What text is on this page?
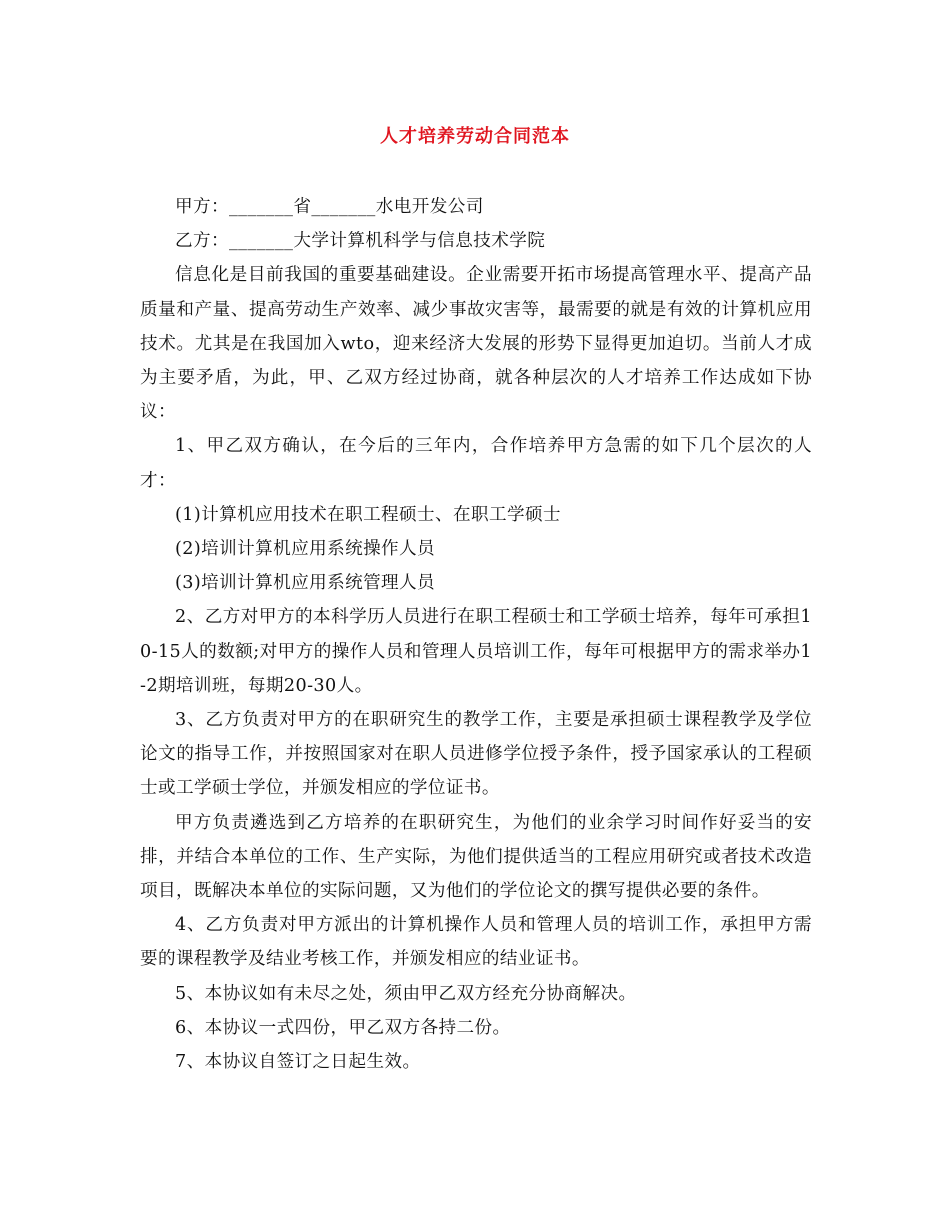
人才培养劳动合同范本

甲方：_______省_______水电开发公司

乙方：_______大学计算机科学与信息技术学院

信息化是目前我国的重要基础建设。企业需要开拓市场提高管理水平、提高产品质量和产量、提高劳动生产效率、减少事故灾害等，最需要的就是有效的计算机应用技术。尤其是在我国加入wto，迎来经济大发展的形势下显得更加迫切。当前人才成为主要矛盾，为此，甲、乙双方经过协商，就各种层次的人才培养工作达成如下协议：

1、甲乙双方确认，在今后的三年内，合作培养甲方急需的如下几个层次的人才：

(1)计算机应用技术在职工程硕士、在职工学硕士

(2)培训计算机应用系统操作人员

(3)培训计算机应用系统管理人员

2、乙方对甲方的本科学历人员进行在职工程硕士和工学硕士培养，每年可承担10-15人的数额;对甲方的操作人员和管理人员培训工作，每年可根据甲方的需求举办1-2期培训班，每期20-30人。

3、乙方负责对甲方的在职研究生的教学工作，主要是承担硕士课程教学及学位论文的指导工作，并按照国家对在职人员进修学位授予条件，授予国家承认的工程硕士或工学硕士学位，并颁发相应的学位证书。

甲方负责遴选到乙方培养的在职研究生，为他们的业余学习时间作好妥当的安排，并结合本单位的工作、生产实际，为他们提供适当的工程应用研究或者技术改造项目，既解决本单位的实际问题，又为他们的学位论文的撰写提供必要的条件。

4、乙方负责对甲方派出的计算机操作人员和管理人员的培训工作，承担甲方需要的课程教学及结业考核工作，并颁发相应的结业证书。

5、本协议如有未尽之处，须由甲乙双方经充分协商解决。

6、本协议一式四份，甲乙双方各持二份。

7、本协议自签订之日起生效。
